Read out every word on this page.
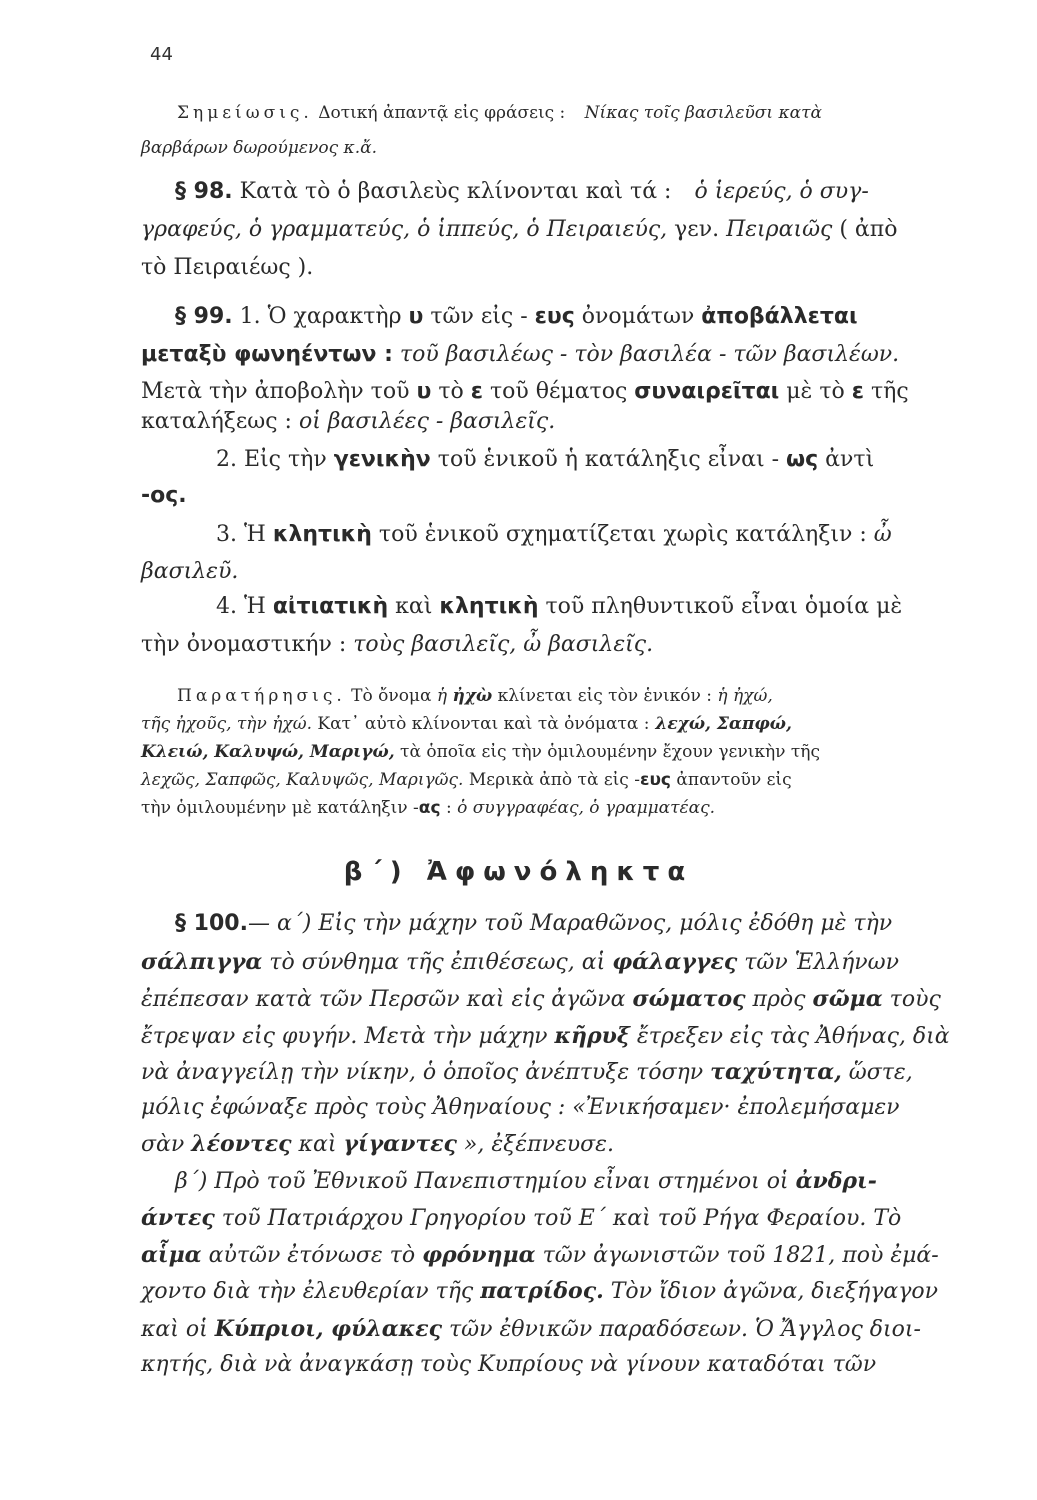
44
Σημείωσις. Δοτική ἀπαντᾷ εἰς φράσεις : Νίκας τοῖς βασιλεῦσι κατὰ
βαρβάρων δωρούμενος κ.ἄ.
§ 98. Κατὰ τὸ ὁ βασιλεὺς κλίνονται καὶ τά : ὁ ἱερεύς, ὁ συγ-
γραφεύς, ὁ γραμματεύς, ὁ ἱππεύς, ὁ Πειραιεύς, γεν. Πειραιῶς ( ἀπὸ
τὸ Πειραιέως ).
§ 99. 1. Ὁ χαρακτὴρ υ τῶν εἰς - ευς ὀνομάτων ἀποβάλλεται
μεταξὺ φωνηέντων : τοῦ βασιλέως - τὸν βασιλέα - τῶν βασιλέων.
Μετὰ τὴν ἀποβολὴν τοῦ υ τὸ ε τοῦ θέματος συναιρεῖται μὲ τὸ ε τῆς
καταλήξεως : οἱ βασιλέες - βασιλεῖς.
2. Εἰς τὴν γενικὴν τοῦ ἑνικοῦ ἡ κατάληξις εἶναι - ως ἀντὶ
-ος.
3. Ἡ κλητικὴ τοῦ ἑνικοῦ σχηματίζεται χωρὶς κατάληξιν : ὦ
βασιλεῦ.
4. Ἡ αἰτιατικὴ καὶ κλητικὴ τοῦ πληθυντικοῦ εἶναι ὁμοία μὲ
τὴν ὀνομαστικήν : τοὺς βασιλεῖς, ὦ βασιλεῖς.
Παρατήρησις. Τὸ ὄνομα ἡ ἠχὼ κλίνεται εἰς τὸν ἑνικόν : ἡ ἠχώ,
τῆς ἠχοῦς, τὴν ἠχώ. Κατ᾽ αὐτὸ κλίνονται καὶ τὰ ὀνόματα : λεχώ, Σαπφώ,
Κλειώ, Καλυψώ, Μαριγώ, τὰ ὁποῖα εἰς τὴν ὁμιλουμένην ἔχουν γενικὴν τῆς
λεχῶς, Σαπφῶς, Καλυψῶς, Μαριγῶς. Μερικὰ ἀπὸ τὰ εἰς -ευς ἀπαντοῦν εἰς
τὴν ὁμιλουμένην μὲ κατάληξιν -ας : ὁ συγγραφέας, ὁ γραμματέας.
β΄) Ἀφωνόληκτα
§ 100.— α΄) Εἰς τὴν μάχην τοῦ Μαραθῶνος, μόλις ἐδόθη μὲ τὴν
σάλπιγγα τὸ σύνθημα τῆς ἐπιθέσεως, αἱ φάλαγγες τῶν Ἑλλήνων
ἐπέπεσαν κατὰ τῶν Περσῶν καὶ εἰς ἀγῶνα σώματος πρὸς σῶμα τοὺς
ἔτρεψαν εἰς φυγήν. Μετὰ τὴν μάχην κῆρυξ ἔτρεξεν εἰς τὰς Ἀθήνας, διὰ
νὰ ἀναγγείλῃ τὴν νίκην, ὁ ὁποῖος ἀνέπτυξε τόσην ταχύτητα, ὥστε,
μόλις ἐφώναξε πρὸς τοὺς Ἀθηναίους : «Ἐνικήσαμεν· ἐπολεμήσαμεν
σὰν λέοντες καὶ γίγαντες », ἐξέπνευσε.
β΄) Πρὸ τοῦ Ἐθνικοῦ Πανεπιστημίου εἶναι στημένοι οἱ ἀνδρι-
άντες τοῦ Πατριάρχου Γρηγορίου τοῦ Ε΄ καὶ τοῦ Ρήγα Φεραίου. Τὸ
αἷμα αὐτῶν ἐτόνωσε τὸ φρόνημα τῶν ἀγωνιστῶν τοῦ 1821, ποὺ ἐμά-
χοντο διὰ τὴν ἐλευθερίαν τῆς πατρίδος. Τὸν ἴδιον ἀγῶνα, διεξήγαγον
καὶ οἱ Κύπριοι, φύλακες τῶν ἐθνικῶν παραδόσεων. Ὁ Ἄγγλος διοι-
κητής, διὰ νὰ ἀναγκάσῃ τοὺς Κυπρίους νὰ γίνουν καταδόται τῶν
